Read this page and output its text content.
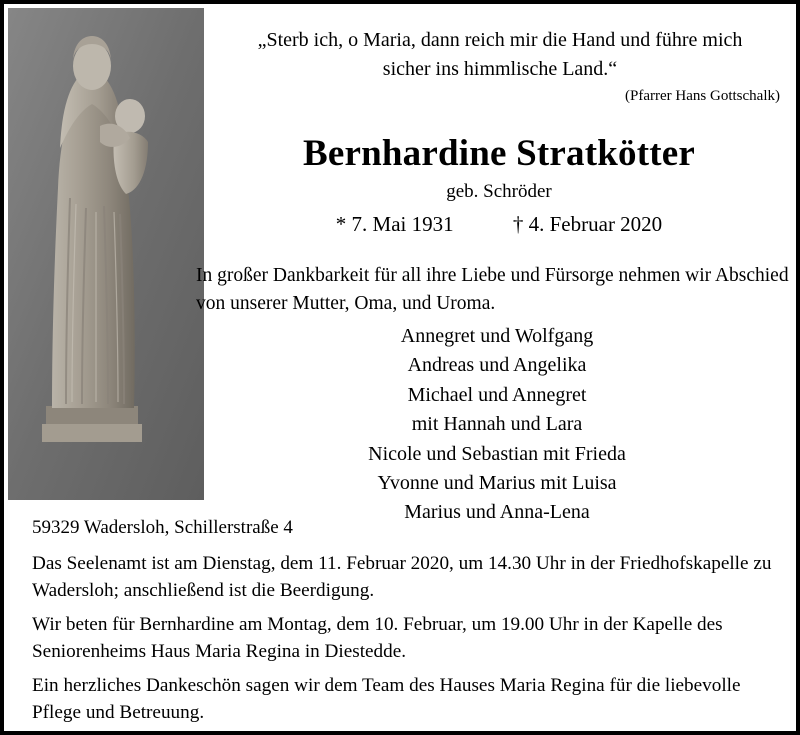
„Sterb ich, o Maria, dann reich mir die Hand und führe mich
sicher ins himmlische Land.“
(Pfarrer Hans Gottschalk)
Bernhardine Stratkötter
geb. Schröder
* 7. Mai 1931	† 4. Februar 2020
In großer Dankbarkeit für all ihre Liebe und Fürsorge nehmen wir Abschied von unserer Mutter, Oma, und Uroma.
Annegret und Wolfgang
Andreas und Angelika
Michael und Annegret
mit Hannah und Lara
Nicole und Sebastian mit Frieda
Yvonne und Marius mit Luisa
Marius und Anna-Lena
59329 Wadersloh, Schillerstraße 4

Das Seelenamt ist am Dienstag, dem 11. Februar 2020, um 14.30 Uhr in der Friedhofskapelle zu Wadersloh; anschließend ist die Beerdigung.

Wir beten für Bernhardine am Montag, dem 10. Februar, um 19.00 Uhr in der Kapelle des Seniorenheims Haus Maria Regina in Diestedde.

Ein herzliches Dankeschön sagen wir dem Team des Hauses Maria Regina für die liebevolle Pflege und Betreuung.
